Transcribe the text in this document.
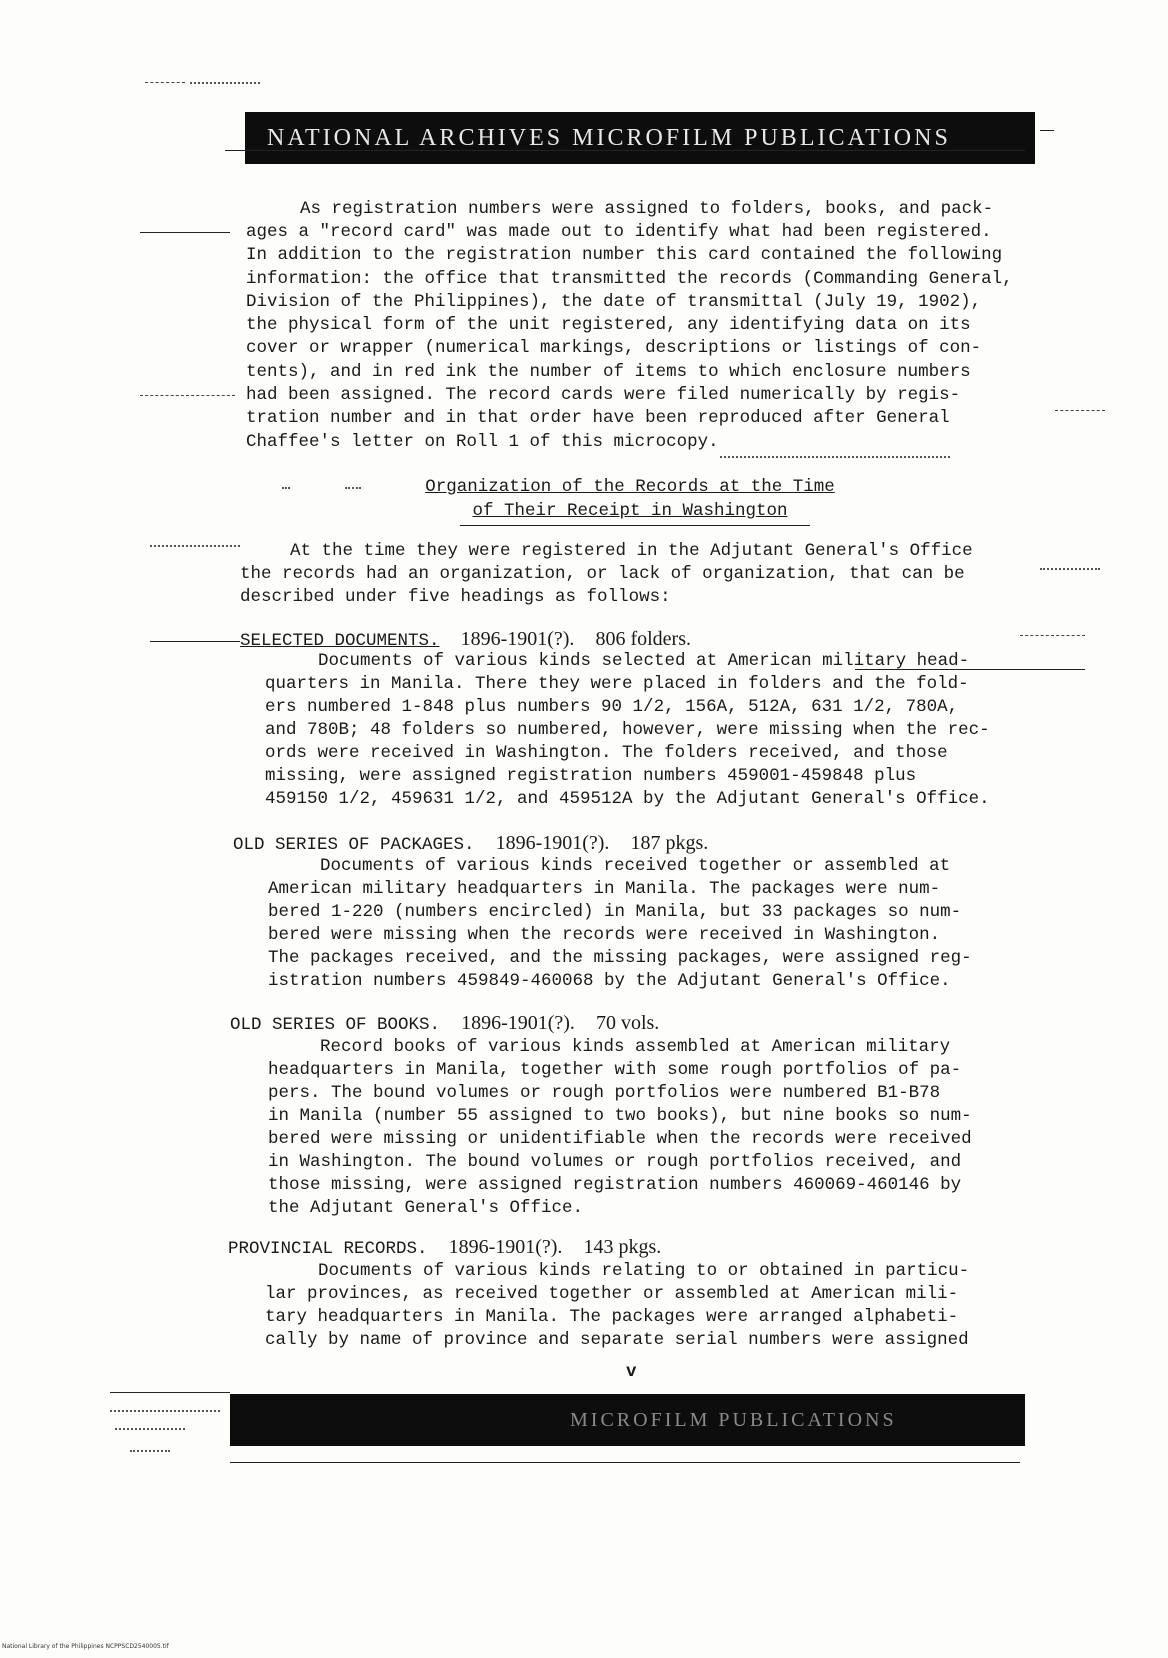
NATIONAL ARCHIVES MICROFILM PUBLICATIONS
As registration numbers were assigned to folders, books, and pack-
ages a "record card" was made out to identify what had been registered.
In addition to the registration number this card contained the following
information: the office that transmitted the records (Commanding General,
Division of the Philippines), the date of transmittal (July 19, 1902),
the physical form of the unit registered, any identifying data on its
cover or wrapper (numerical markings, descriptions or listings of con-
tents), and in red ink the number of items to which enclosure numbers
had been assigned. The record cards were filed numerically by regis-
tration number and in that order have been reproduced after General
Chaffee's letter on Roll 1 of this microcopy.
Organization of the Records at the Time
of Their Receipt in Washington
At the time they were registered in the Adjutant General's Office
the records had an organization, or lack of organization, that can be
described under five headings as follows:
SELECTED DOCUMENTS. 1896-1901(?). 806 folders.
Documents of various kinds selected at American military head-
quarters in Manila. There they were placed in folders and the fold-
ers numbered 1-848 plus numbers 90 1/2, 156A, 512A, 631 1/2, 780A,
and 780B; 48 folders so numbered, however, were missing when the rec-
ords were received in Washington. The folders received, and those
missing, were assigned registration numbers 459001-459848 plus
459150 1/2, 459631 1/2, and 459512A by the Adjutant General's Office.
OLD SERIES OF PACKAGES. 1896-1901(?). 187 pkgs.
Documents of various kinds received together or assembled at
American military headquarters in Manila. The packages were num-
bered 1-220 (numbers encircled) in Manila, but 33 packages so num-
bered were missing when the records were received in Washington.
The packages received, and the missing packages, were assigned reg-
istration numbers 459849-460068 by the Adjutant General's Office.
OLD SERIES OF BOOKS. 1896-1901(?). 70 vols.
Record books of various kinds assembled at American military
headquarters in Manila, together with some rough portfolios of pa-
pers. The bound volumes or rough portfolios were numbered B1-B78
in Manila (number 55 assigned to two books), but nine books so num-
bered were missing or unidentifiable when the records were received
in Washington. The bound volumes or rough portfolios received, and
those missing, were assigned registration numbers 460069-460146 by
the Adjutant General's Office.
PROVINCIAL RECORDS. 1896-1901(?). 143 pkgs.
Documents of various kinds relating to or obtained in particu-
lar provinces, as received together or assembled at American mili-
tary headquarters in Manila. The packages were arranged alphabeti-
cally by name of province and separate serial numbers were assigned
v
MICROFILM PUBLICATIONS
National Library of the Philippines NCPPSCD2540005.tif
